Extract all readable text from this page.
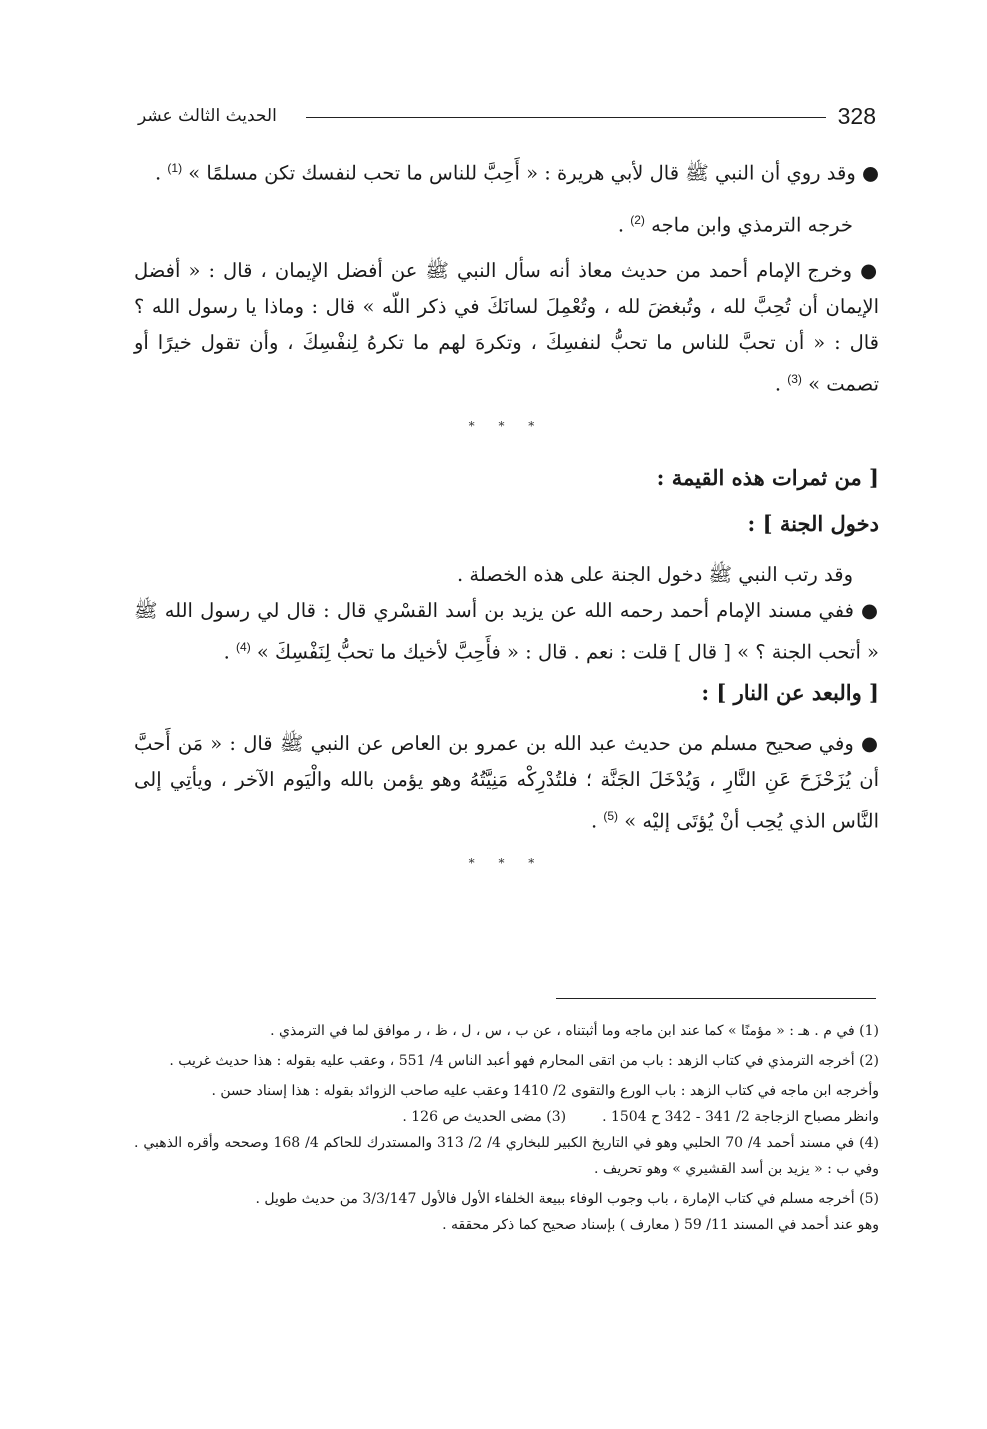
328
الحديث الثالث عشر

● وقد روي أن النبي ﷺ قال لأبي هريرة : « أَحِبَّ للناس ما تحب لنفسك تكن مسلمًا » $^{(1)}$ .

خرجه الترمذي وابن ماجه $^{(2)}$ .

● وخرج الإمام أحمد من حديث معاذ أنه سأل النبي ﷺ عن أفضل الإيمان ، قال : « أفضل الإيمان أن تُحِبَّ لله ، وتُبغضَ لله ، وتُعْمِلَ لسانَكَ في ذكر اللّه » قال : وماذا يا رسول الله ؟ قال : « أن تحبَّ للناس ما تحبُّ لنفسِكَ ، وتكرهَ لهم ما تكرهُ لِنفْسِكَ ، وأن تقول خيرًا أو تصمت » $^{(3)}$ .

* * *
[ من ثمرات هذه القيمة :
دخول الجنة ] :

وقد رتب النبي ﷺ دخول الجنة على هذه الخصلة .

● ففي مسند الإمام أحمد رحمه الله عن يزيد بن أسد القسْري قال : قال لي رسول الله ﷺ « أتحب الجنة ؟ » [ قال ] قلت : نعم . قال : « فأَحِبَّ لأخيك ما تحبُّ لِنَفْسِكَ » $^{(4)}$ .

[ والبعد عن النار ] :

● وفي صحيح مسلم من حديث عبد الله بن عمرو بن العاص عن النبي ﷺ قال : « مَن أَحبَّ أن يُزَحْزَحَ عَنِ النَّارِ ، وَيُدْخَلَ الجَنَّة ؛ فلتُدْرِكْه مَنِيَّتُهُ وهو يؤمن بالله والْيَوم الآخر ، ويأتِي إلى النَّاس الذي يُحِب أنْ يُؤتَى إليْه » $^{(5)}$ .

* * *

(1) في م . هـ : « مؤمنًا » كما عند ابن ماجه وما أثبتناه ، عن ب ، س ، ل ، ظ ، ر موافق لما في الترمذي .

(2) أخرجه الترمذي في كتاب الزهد : باب من اتقى المحارم فهو أعبد الناس 4/ 551 ، وعقب عليه بقوله : هذا حديث غريب .

وأخرجه ابن ماجه في كتاب الزهد : باب الورع والتقوى 2/ 1410 وعقب عليه صاحب الزوائد بقوله : هذا إسناد حسن .

وانظر مصباح الزجاجة 2/ 341 - 342 ح 1504 .
(3) مضى الحديث ص 126 .

(4) في مسند أحمد 4/ 70 الحلبي وهو في التاريخ الكبير للبخاري 4/ 2/ 313 والمستدرك للحاكم 4/ 168 وصححه وأقره الذهبي . وفي ب : « يزيد بن أسد القشيري » وهو تحريف .

(5) أخرجه مسلم في كتاب الإمارة ، باب وجوب الوفاء ببيعة الخلفاء الأول فالأول 3/3/147 من حديث طويل .

وهو عند أحمد في المسند 11/ 59 ( معارف ) بإسناد صحيح كما ذكر محققه .
